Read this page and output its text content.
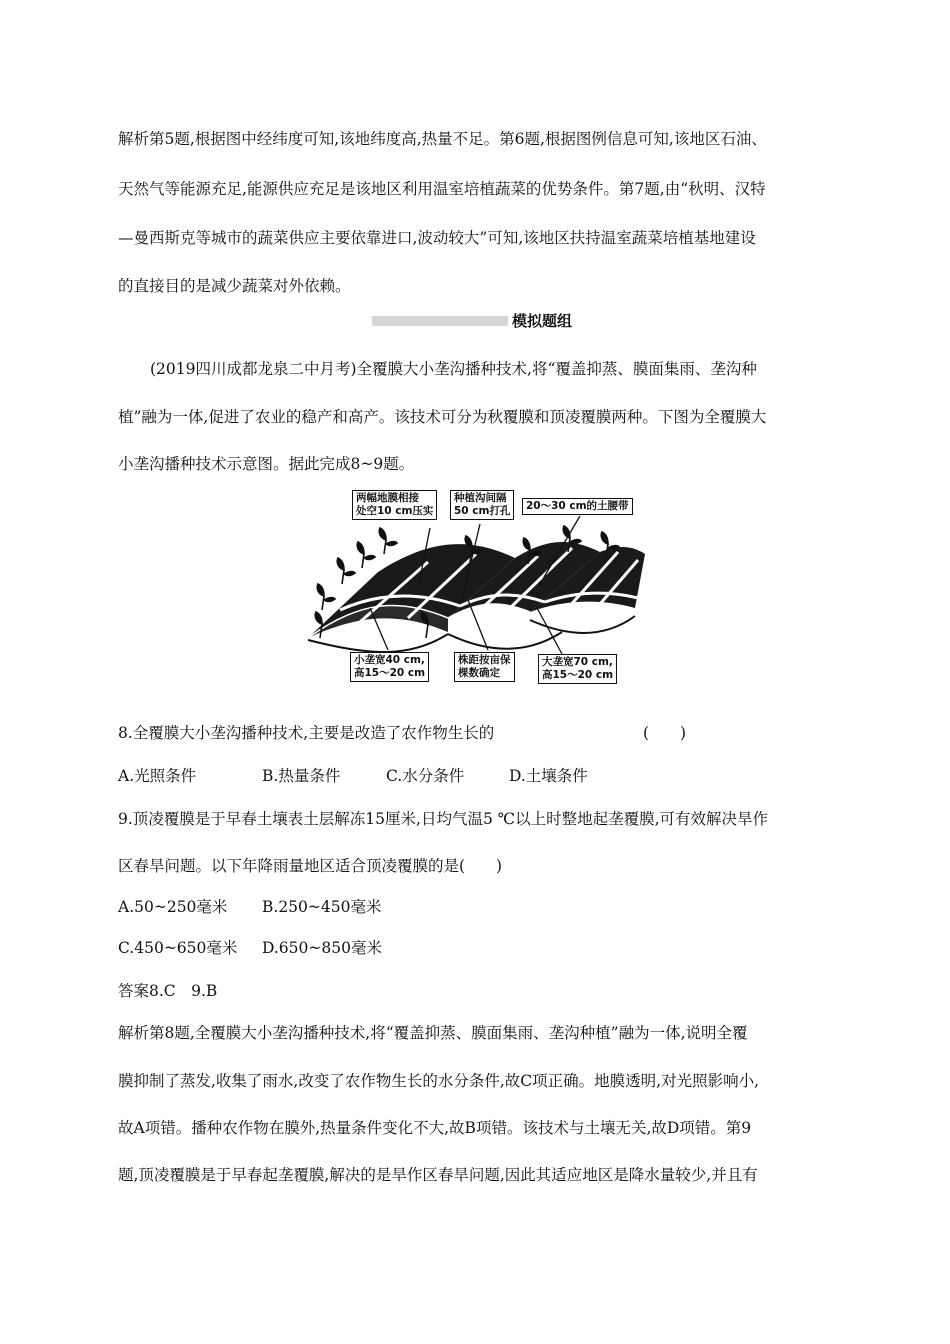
解析第5题,根据图中经纬度可知,该地纬度高,热量不足。第6题,根据图例信息可知,该地区石油、
天然气等能源充足,能源供应充足是该地区利用温室培植蔬菜的优势条件。第7题,由“秋明、汉特
—曼西斯克等城市的蔬菜供应主要依靠进口,波动较大”可知,该地区扶持温室蔬菜培植基地建设
的直接目的是减少蔬菜对外依赖。
模拟题组
(2019四川成都龙泉二中月考)全覆膜大小垄沟播种技术,将“覆盖抑蒸、膜面集雨、垄沟种
植”融为一体,促进了农业的稳产和高产。该技术可分为秋覆膜和顶凌覆膜两种。下图为全覆膜大
小垄沟播种技术示意图。据此完成8~9题。
两幅地膜相接
处空10 cm压实
种植沟间隔
50 cm打孔 20～30 cm的土腰带
小垄宽40 cm,
高15～20 cm
株距按亩保
棵数确定
大垄宽70 cm,
高15～20 cm
8.全覆膜大小垄沟播种技术,主要是改造了农作物生长的	(　　)
A.光照条件	B.热量条件	C.水分条件	D.土壤条件
9.顶凌覆膜是于早春土壤表土层解冻15厘米,日均气温5 ℃以上时整地起垄覆膜,可有效解决旱作
区春旱问题。以下年降雨量地区适合顶凌覆膜的是(　　)
A.50~250毫米 B.250~450毫米
C.450~650毫米 D.650~850毫米
答案8.C　9.B
解析第8题,全覆膜大小垄沟播种技术,将“覆盖抑蒸、膜面集雨、垄沟种植”融为一体,说明全覆
膜抑制了蒸发,收集了雨水,改变了农作物生长的水分条件,故C项正确。地膜透明,对光照影响小,
故A项错。播种农作物在膜外,热量条件变化不大,故B项错。该技术与土壤无关,故D项错。第9
题,顶凌覆膜是于早春起垄覆膜,解决的是旱作区春旱问题,因此其适应地区是降水量较少,并且有
